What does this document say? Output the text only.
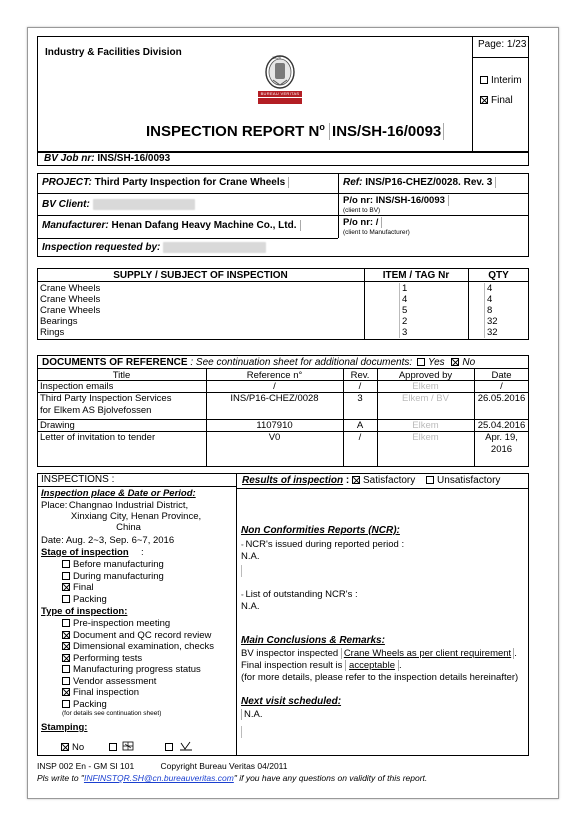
Industry & Facilities Division
Page: 1/23
Interim
Final
BUREAU VERITAS
1828
INSPECTION REPORT $N^o$ INS/SH-16/0093
BV Job nr: INS/SH-16/0093
PROJECT: Third Party Inspection for Crane Wheels	Ref: INS/P16-CHEZ/0028. Rev. 3
BV Client:	P/o nr: INS/SH-16/0093
(client to BV)
Manufacturer: Henan Dafang Heavy Machine Co., Ltd.	P/o nr: /
(client to Manufacturer)
Inspection requested by:
SUPPLY / SUBJECT OF INSPECTION	ITEM / TAG Nr	QTY
Crane Wheels	1	4
Crane Wheels	4	4
Crane Wheels	5	8
Bearings	2	32
Rings	3	32
DOCUMENTS OF REFERENCE : See continuation sheet for additional documents: Yes No
Title	Reference n°	Rev.	Approved by	Date
Inspection emails	/	/	Elkem	/
Third Party Inspection Services
for Elkem AS Bjolvefossen
INS/P16-CHEZ/0028	3	Elkem / BV	26.05.2016
Drawing	1107910	A	Elkem	25.04.2016
Letter of invitation to tender	V0	/	Elkem	Apr. 19,
2016
INSPECTIONS :
Inspection place & Date or Period:
Place: Changnao Industrial District,
Xinxiang City, Henan Province,
China
Date: Aug. 2~3, Sep. 6~7, 2016
Stage of inspection :
Before manufacturing
During manufacturing
Final
Packing
Type of inspection:
Pre-inspection meeting
Document and QC record review
Dimensional examination, checks
Performing tests
Manufacturing progress status
Vendor assessment
Final inspection
Packing
(for details see continuation sheet)
Stamping:
No
Results of inspection : Satisfactory Unsatisfactory
Non Conformities Reports (NCR):
◦ NCR's issued during reported period :
N.A.
◦ List of outstanding NCR's :
N.A.
Main Conclusions & Remarks:
BV inspector inspected Crane Wheels as per client requirement .
Final inspection result is acceptable .
(for more details, please refer to the inspection details hereinafter)
Next visit scheduled:
N.A.
INSP 002 En - GM SI 101	Copyright Bureau Veritas 04/2011
Pls write to "INFINSTQR.SH@cn.bureauveritas.com" if you have any questions on validity of this report.
